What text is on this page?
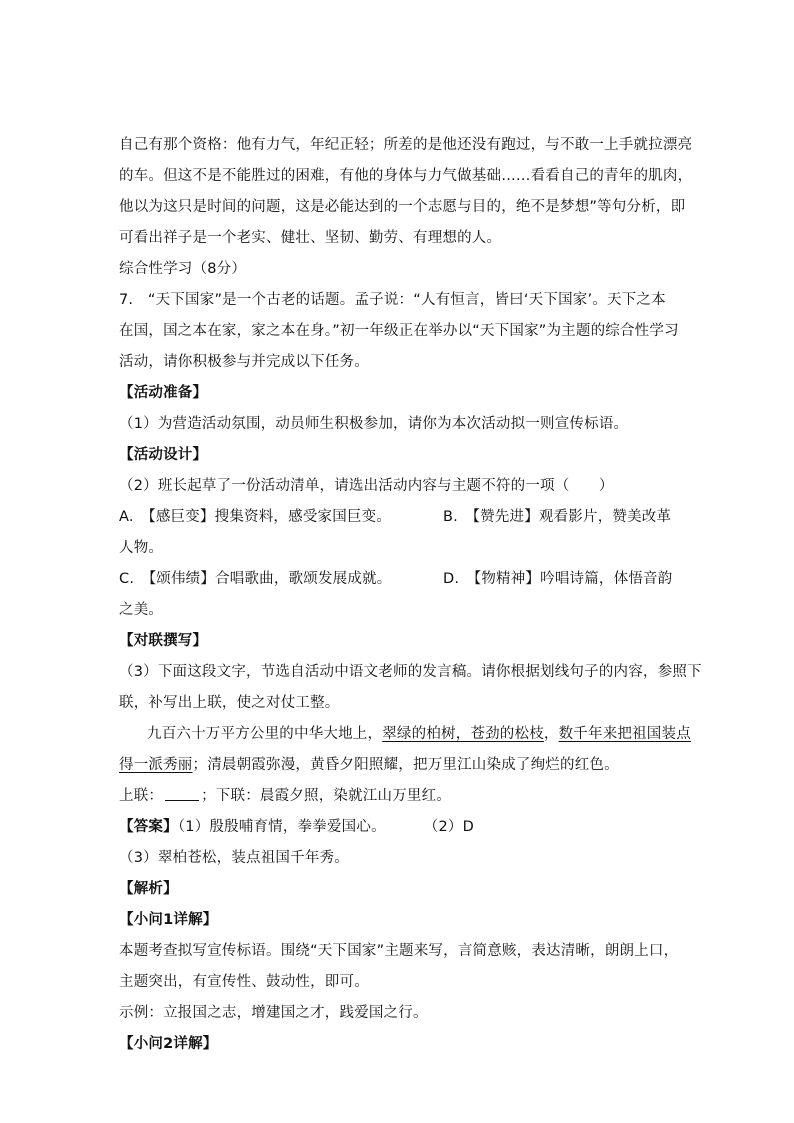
自己有那个资格：他有力气，年纪正轻；所差的是他还没有跑过，与不敢一上手就拉漂亮
的车。但这不是不能胜过的困难，有他的身体与力气做基础……看看自己的青年的肌肉，
他以为这只是时间的问题，这是必能达到的一个志愿与目的，绝不是梦想”等句分析，即
可看出祥子是一个老实、健壮、坚韧、勤劳、有理想的人。
综合性学习（8分）
7.　“天下国家”是一个古老的话题。孟子说：“人有恒言，皆曰‘天下国家’。天下之本
在国，国之本在家，家之本在身。”初一年级正在举办以“天下国家”为主题的综合性学习
活动，请你积极参与并完成以下任务。
【活动准备】
（1）为营造活动氛围，动员师生积极参加，请你为本次活动拟一则宣传标语。
【活动设计】
（2）班长起草了一份活动清单，请选出活动内容与主题不符的一项（　　）
A.　【感巨变】搜集资料，感受家国巨变。	B.　【赞先进】观看影片，赞美改革
人物。
C.　【颂伟绩】合唱歌曲，歌颂发展成就。	D.　【物精神】吟唱诗篇，体悟音韵
之美。
【对联撰写】
（3）下面这段文字，节选自活动中语文老师的发言稿。请你根据划线句子的内容，参照下
联，补写出上联，使之对仗工整。
九百六十万平方公里的中华大地上，翠绿的柏树，苍劲的松枝，数千年来把祖国装点
得一派秀丽；清晨朝霞弥漫，黄昏夕阳照耀，把万里江山染成了绚烂的红色。
上联：	；下联：晨霞夕照，染就江山万里红。
【答案】（1）殷殷哺育情，拳拳爱国心。	（2）D
（3）翠柏苍松，装点祖国千年秀。
【解析】
【小问1详解】
本题考查拟写宣传标语。围绕“天下国家”主题来写，言简意赅，表达清晰，朗朗上口，
主题突出，有宣传性、鼓动性，即可。
示例：立报国之志，增建国之才，践爱国之行。
【小问2详解】
